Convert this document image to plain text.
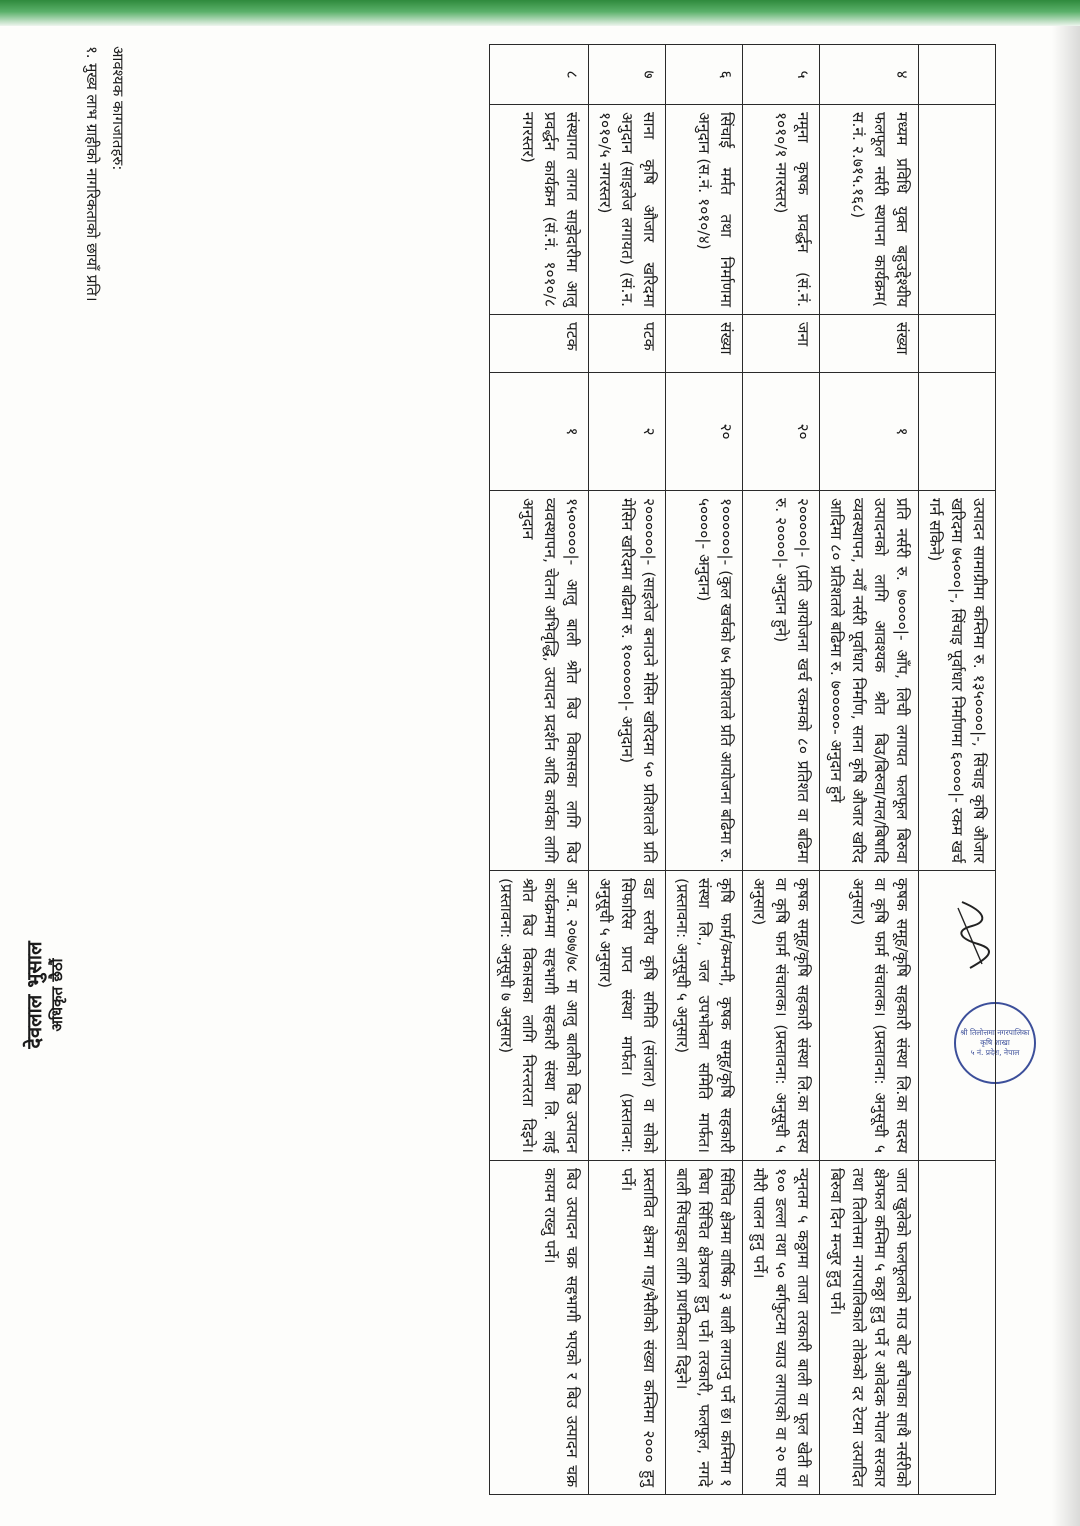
श्री तिलोत्तमा नगरपालिका
कृषि शाखा
५ नं. प्रदेश, नेपाल
				उत्पादन सामाग्रीमा कम्तिमा रु. १३५००००|-, सिंचाइ कृषि औजार खरिदमा ७५०००|-, सिंचाइ पूर्वाधार निर्माणमा ६००००|- रकम खर्च गर्न सकिने)		
४	मध्यम प्रविधि युक्त बहुउद्देश्यीय फलफूल नर्सरी स्थापना कार्यक्रम( स.नं. २.७१५.१६८)	संख्या	१	प्रति नर्सरी रु. ७००००|- आँप, लिची लगायत फलफूल बिरुवा उत्पादनको लागि आवश्यक श्रोत बिउ/बिरुवा/मल/बिषादि व्यवस्थापन, नयाँ नर्सरी पूर्वाधार निर्माण, साना कृषि औजार खरिद आदिमा ८० प्रतिशतले बढिमा रु. ७०००००- अनुदान हुने	कृषक समूह/कृषि सहकारी संस्था लि.का सदस्य वा कृषि फार्म संचालक। (प्रस्तावना: अनुसूची ५ अनुसार)	जात खुलेको फलफूलको माउ बोट बगैचाका साथै नर्सरीको क्षेत्रफल कम्तिमा ५ कठ्ठा हुनु पर्ने र आवेदक नेपाल सरकार तथा तिलोत्तमा नगरपालिकाले तोकेको दर रेटमा उत्पादित बिरुवा दिन मन्जुर हुनु पर्ने।
५	नमूना कृषक प्रवर्द्धन (सं.नं. १०१०/१ नगरस्तर)	जना	२०	२०००००|- (प्रति आयोजना खर्च रकमको ८० प्रतिशत वा बढिमा रु. २००००|- अनुदान हुने)	कृषक समूह/कृषि सहकारी संस्था लि.का सदस्य वा कृषि फार्म संचालक। (प्रस्तावना: अनुसूची ५ अनुसार)	न्यूनतम ५ कठ्ठामा ताजा तरकारी बाली वा फूल खेती वा १०० डल्ला तथा ५० बर्गफुटमा च्याउ लगाएको वा २० घार मौरी पालन हुनु पर्ने।
६	सिंचाई मर्मत तथा निर्माणमा अनुदान (स.नं. १०१०/४)	संख्या	२०	१००००००|- (कुल खर्चको ७५ प्रतिशतले प्रति आयोजना बढिमा रु. ५००००|- अनुदान)	कृषि फार्म/कम्पनी, कृषक समूह/कृषि सहकारी संस्था लि., जल उपभोक्ता समिति मार्फत। (प्रस्तावना: अनुसूची ५ अनुसार)	सिंचित क्षेत्रमा वार्षिक ३ बाली लगाउनु पर्ने छ। कम्तिमा १ बिघा सिंचित क्षेत्रफल हुनु पर्ने। तरकारी, फलफूल, नगदे बाली सिंचाइका लागि प्राथमिकता दिइने।
७	साना कृषि औजार खरिदमा अनुदान (साइलेज लगायत) (सं.न. १०१०/५ नगरस्तर)	पटक	२	२००००००|- (साइलेज बनाउने मेसिन खरिदमा ५० प्रतिशतले प्रति मेसिन खरिदमा बढिमा रु. १००००००|- अनुदान)	वडा स्तरीय कृषि समिति (संजाल) वा सोको सिफारिस प्राप्त संस्था मार्फत। (प्रस्तावना: अनुसूची ५ अनुसार)	प्रस्तावित क्षेत्रमा गाइ/भैसीको संख्या कम्तिमा २००० हुनु पर्ने।
८	संस्थागत लागत साझेदारीमा आलु प्रवर्द्धन कार्यक्रम (सं.नं. १०१०/८ नगरस्तर)	पटक	१	१५०००००|- आलु बाली श्रोत बिउ विकासका लागि बिउ व्यवस्थापन, चेतना अभिवृद्धि, उत्पादन प्रदर्शन आदि कार्यका लागि अनुदान	आ.व. २०७७/७८ मा आलु बालीको बिउ उत्पादन कार्यक्रममा सहभागी सहकारी संस्था लि. लाई श्रोत बिउ विकासका लागि निरन्तरता दिइने। (प्रस्तावना: अनुसूची ७ अनुसार)	बिउ उत्पादन चक्र सहभागी भएको र बिउ उत्पादन चक्र कायम राख्नु पर्ने।
आवश्यक कागजातहरु:
१. मुख्य लाभ ग्राहीको नागरिकताको छायाँ प्रति।
देवलाल भुसाल अधिकृत छैठौं
